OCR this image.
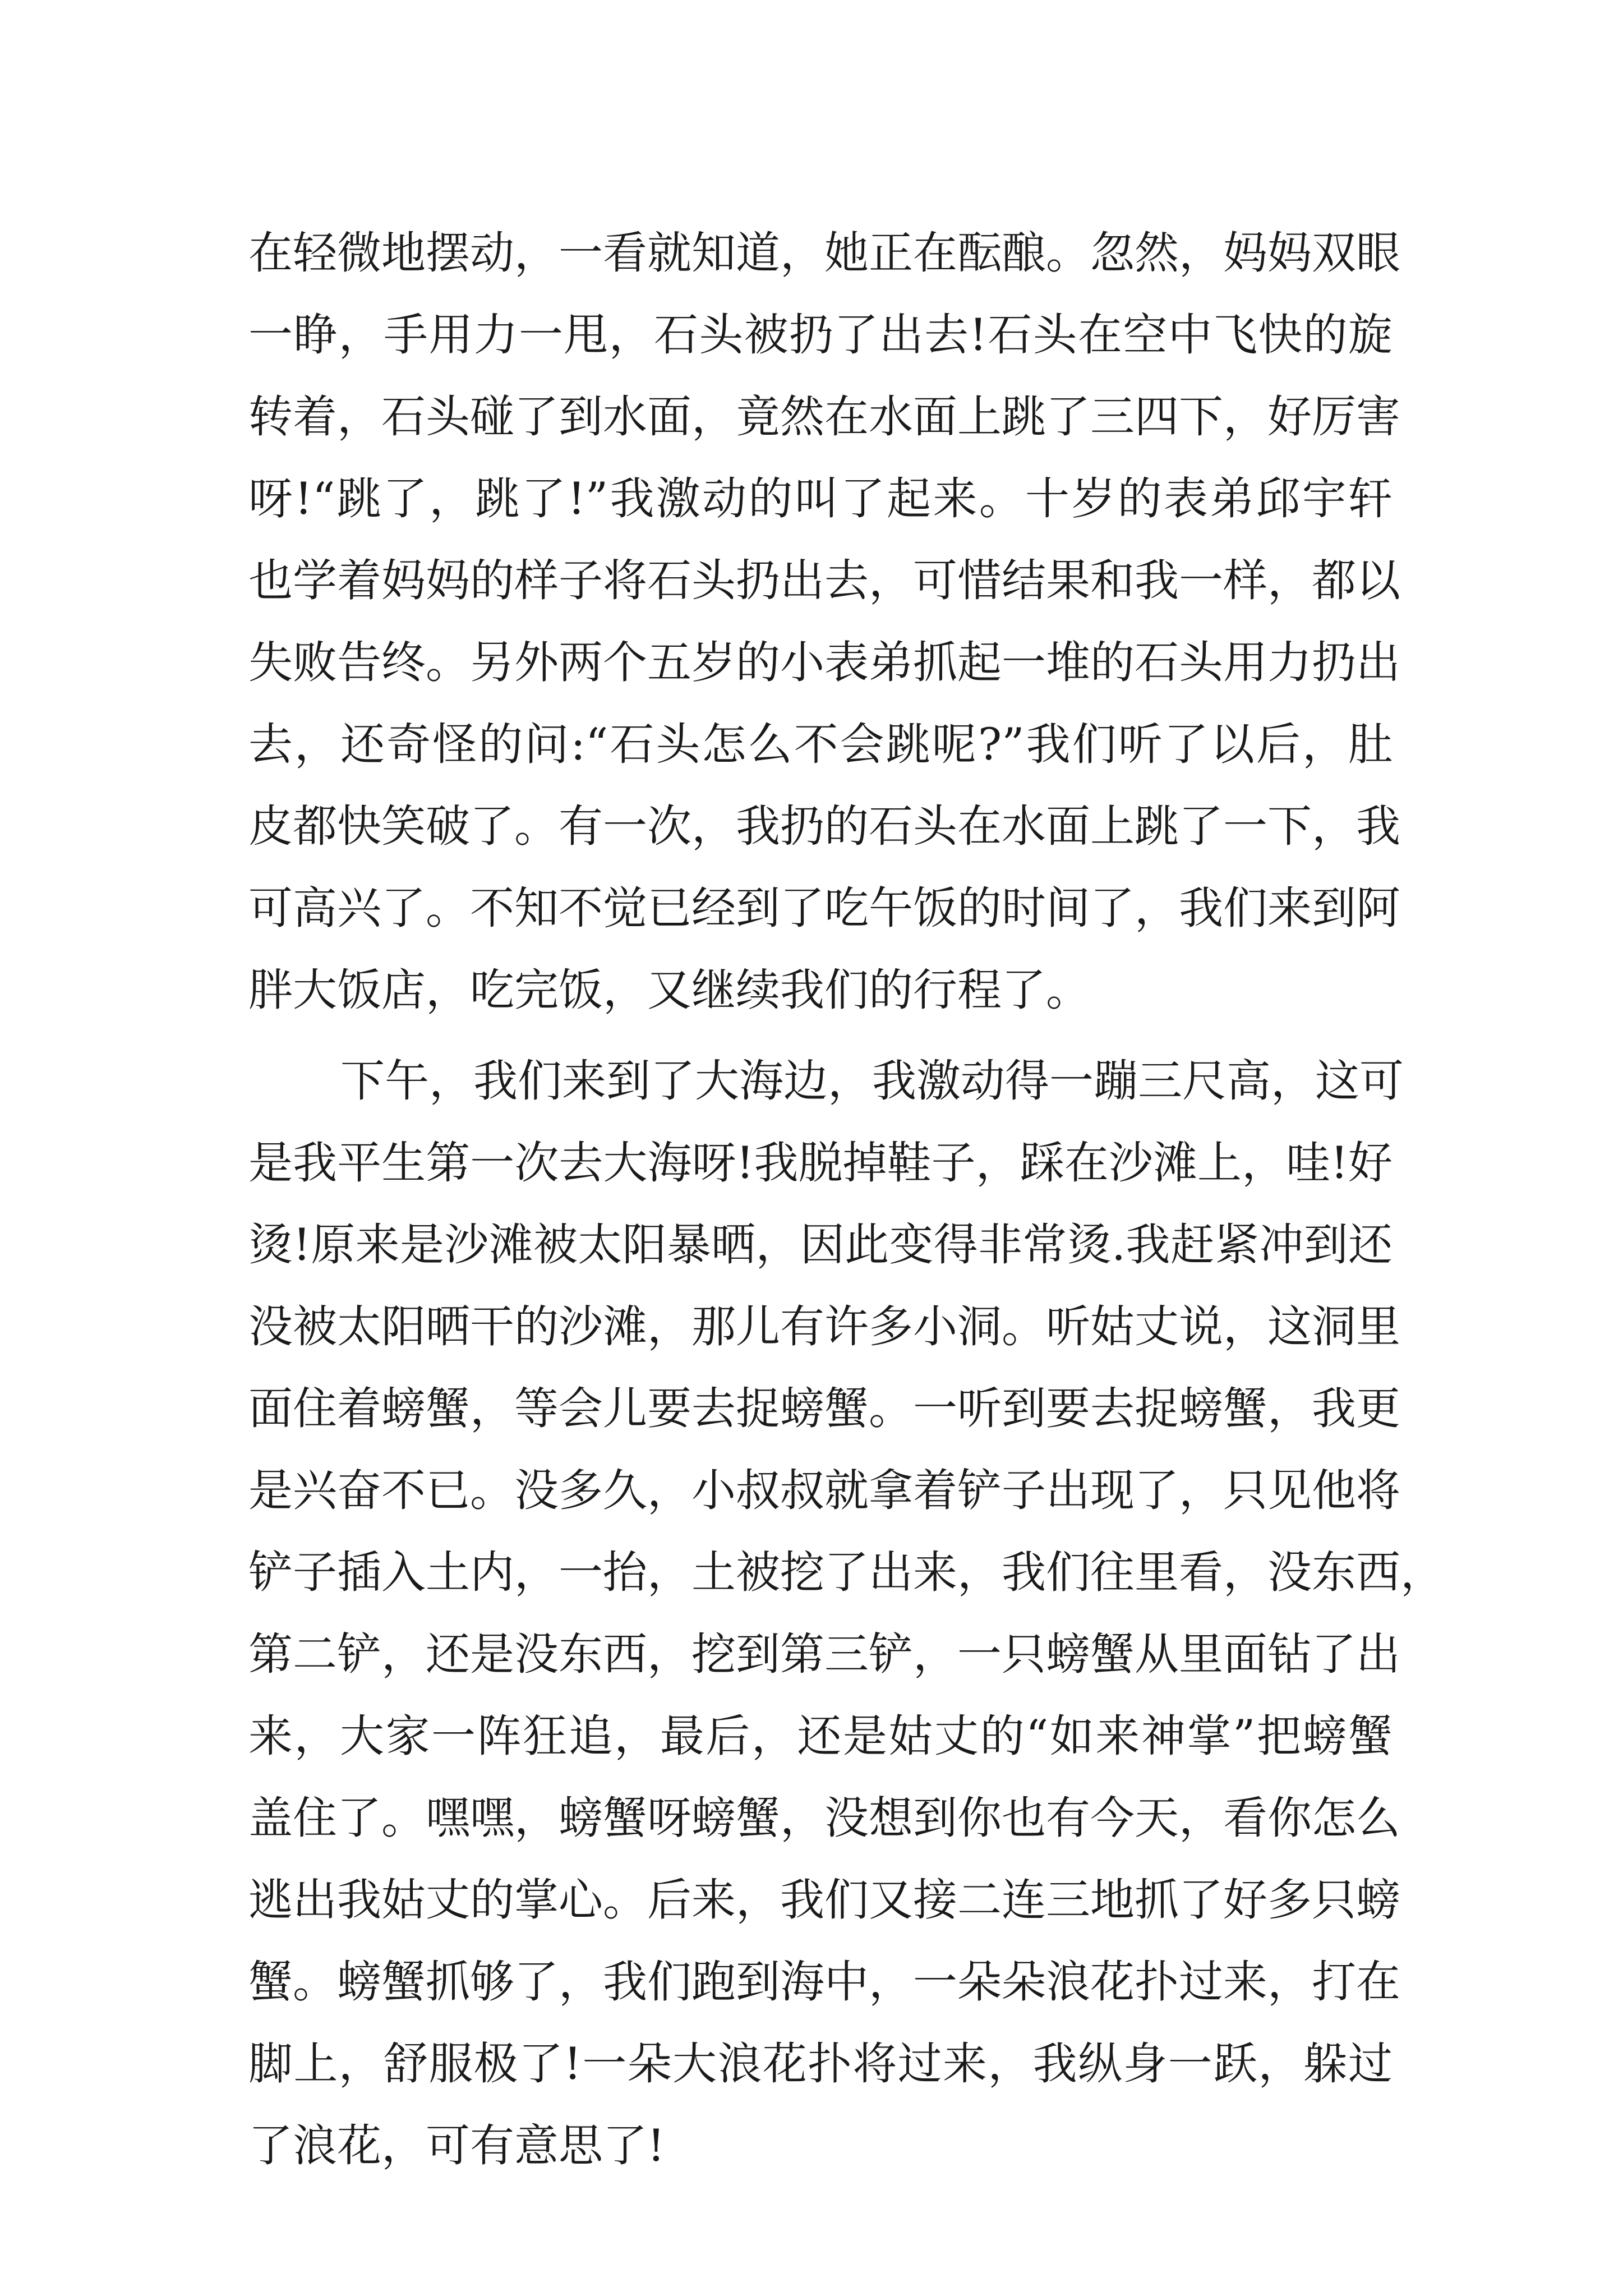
在轻微地摆动，一看就知道，她正在酝酿。忽然，妈妈双眼
一睁，手用力一甩，石头被扔了出去!石头在空中飞快的旋
转着，石头碰了到水面，竟然在水面上跳了三四下，好厉害
呀!“跳了，跳了!”我激动的叫了起来。十岁的表弟邱宇轩
也学着妈妈的样子将石头扔出去，可惜结果和我一样，都以
失败告终。另外两个五岁的小表弟抓起一堆的石头用力扔出
去，还奇怪的问:“石头怎么不会跳呢?”我们听了以后，肚
皮都快笑破了。有一次，我扔的石头在水面上跳了一下，我
可高兴了。不知不觉已经到了吃午饭的时间了，我们来到阿
胖大饭店，吃完饭，又继续我们的行程了。
下午，我们来到了大海边，我激动得一蹦三尺高，这可
是我平生第一次去大海呀!我脱掉鞋子，踩在沙滩上，哇!好
烫!原来是沙滩被太阳暴晒，因此变得非常烫.我赶紧冲到还
没被太阳晒干的沙滩，那儿有许多小洞。听姑丈说，这洞里
面住着螃蟹，等会儿要去捉螃蟹。一听到要去捉螃蟹，我更
是兴奋不已。没多久，小叔叔就拿着铲子出现了，只见他将
铲子插入土内，一抬，土被挖了出来，我们往里看，没东西，
第二铲，还是没东西，挖到第三铲，一只螃蟹从里面钻了出
来，大家一阵狂追，最后，还是姑丈的“如来神掌”把螃蟹
盖住了。嘿嘿，螃蟹呀螃蟹，没想到你也有今天，看你怎么
逃出我姑丈的掌心。后来，我们又接二连三地抓了好多只螃
蟹。螃蟹抓够了，我们跑到海中，一朵朵浪花扑过来，打在
脚上，舒服极了!一朵大浪花扑将过来，我纵身一跃，躲过
了浪花，可有意思了!
